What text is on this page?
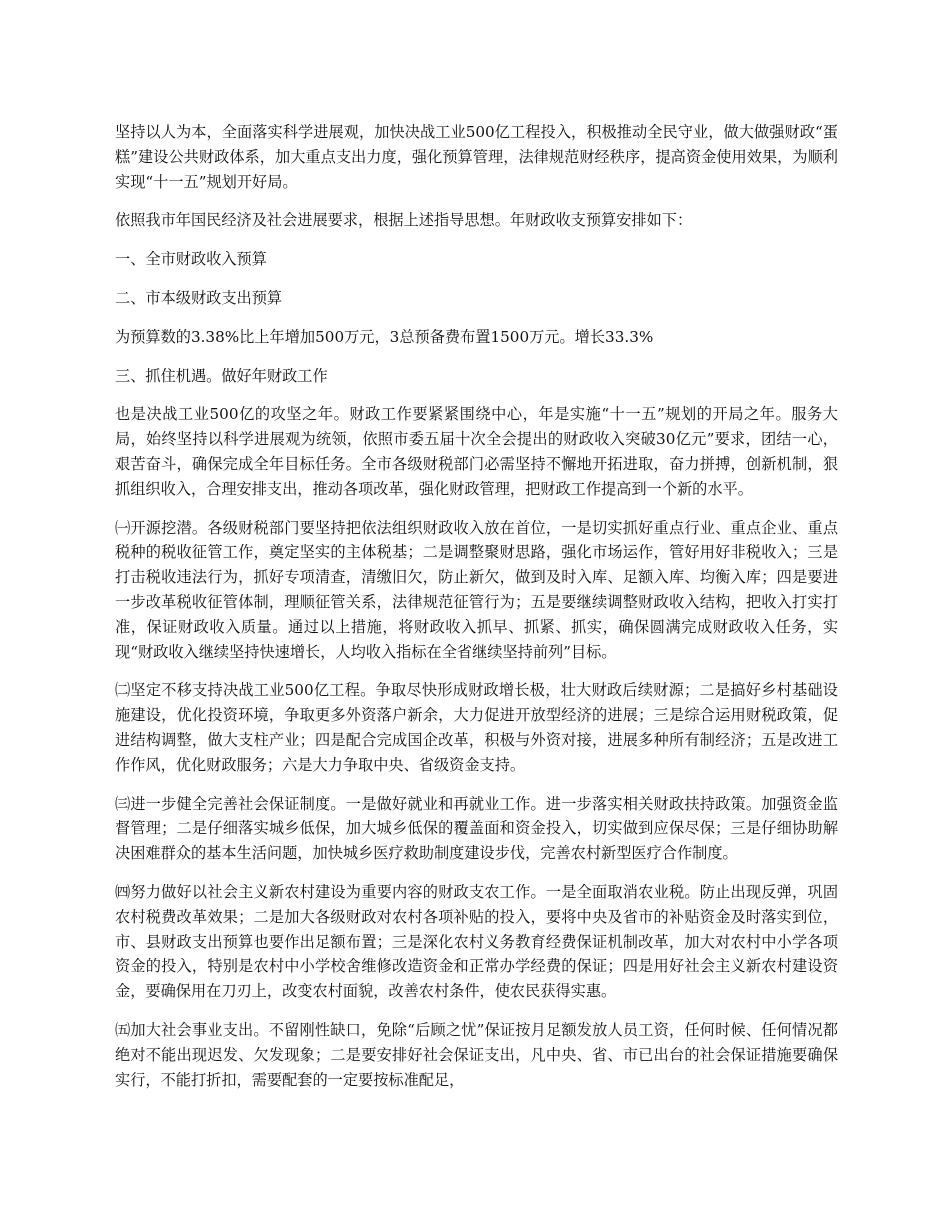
坚持以人为本，全面落实科学进展观，加快决战工业500亿工程投入，积极推动全民守业，做大做强财政“蛋糕”建设公共财政体系，加大重点支出力度，强化预算管理，法律规范财经秩序，提高资金使用效果，为顺利实现“十一五”规划开好局。

依照我市年国民经济及社会进展要求，根据上述指导思想。年财政收支预算安排如下：

一、全市财政收入预算

二、市本级财政支出预算

为预算数的3.38%比上年增加500万元，3总预备费布置1500万元。增长33.3%

三、抓住机遇。做好年财政工作

也是决战工业500亿的攻坚之年。财政工作要紧紧围绕中心，年是实施“十一五”规划的开局之年。服务大局，始终坚持以科学进展观为统领，依照市委五届十次全会提出的财政收入突破30亿元”要求，团结一心，艰苦奋斗，确保完成全年目标任务。全市各级财税部门必需坚持不懈地开拓进取，奋力拼搏，创新机制，狠抓组织收入，合理安排支出，推动各项改革，强化财政管理，把财政工作提高到一个新的水平。

㈠开源挖潜。各级财税部门要坚持把依法组织财政收入放在首位，一是切实抓好重点行业、重点企业、重点税种的税收征管工作，奠定坚实的主体税基；二是调整聚财思路，强化市场运作，管好用好非税收入；三是打击税收违法行为，抓好专项清查，清缴旧欠，防止新欠，做到及时入库、足额入库、均衡入库；四是要进一步改革税收征管体制，理顺征管关系，法律规范征管行为；五是要继续调整财政收入结构，把收入打实打准，保证财政收入质量。通过以上措施，将财政收入抓早、抓紧、抓实，确保圆满完成财政收入任务，实现“财政收入继续坚持快速增长，人均收入指标在全省继续坚持前列”目标。

㈡坚定不移支持决战工业500亿工程。争取尽快形成财政增长极，壮大财政后续财源；二是搞好乡村基础设施建设，优化投资环境，争取更多外资落户新余，大力促进开放型经济的进展；三是综合运用财税政策，促进结构调整，做大支柱产业；四是配合完成国企改革，积极与外资对接，进展多种所有制经济；五是改进工作作风，优化财政服务；六是大力争取中央、省级资金支持。

㈢进一步健全完善社会保证制度。一是做好就业和再就业工作。进一步落实相关财政扶持政策。加强资金监督管理；二是仔细落实城乡低保，加大城乡低保的覆盖面和资金投入，切实做到应保尽保；三是仔细协助解决困难群众的基本生活问题，加快城乡医疗救助制度建设步伐，完善农村新型医疗合作制度。

㈣努力做好以社会主义新农村建设为重要内容的财政支农工作。一是全面取消农业税。防止出现反弹，巩固农村税费改革效果；二是加大各级财政对农村各项补贴的投入，要将中央及省市的补贴资金及时落实到位，市、县财政支出预算也要作出足额布置；三是深化农村义务教育经费保证机制改革，加大对农村中小学各项资金的投入，特别是农村中小学校舍维修改造资金和正常办学经费的保证；四是用好社会主义新农村建设资金，要确保用在刀刃上，改变农村面貌，改善农村条件，使农民获得实惠。

㈤加大社会事业支出。不留刚性缺口，免除“后顾之忧”保证按月足额发放人员工资，任何时候、任何情况都绝对不能出现迟发、欠发现象；二是要安排好社会保证支出，凡中央、省、市已出台的社会保证措施要确保实行，不能打折扣，需要配套的一定要按标准配足，
